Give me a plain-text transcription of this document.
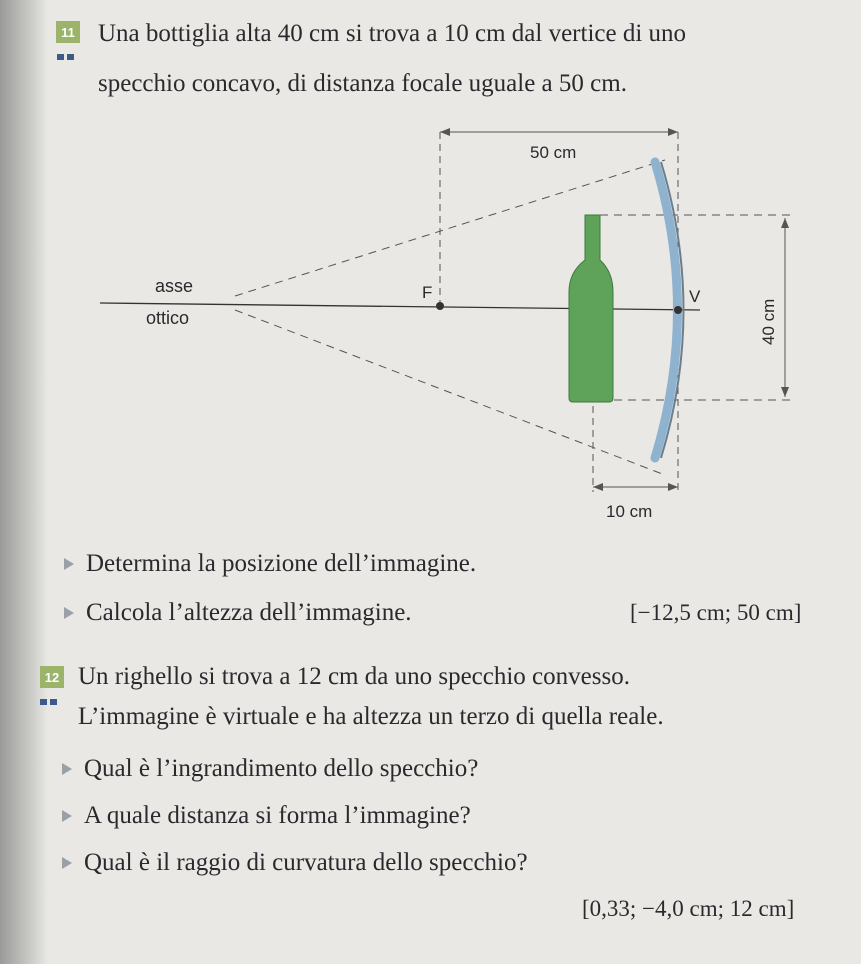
11 Una bottiglia alta 40 cm si trova a 10 cm dal vertice di uno
specchio concavo, di distanza focale uguale a 50 cm.
50 cm
F	V
asse
ottico	40 cm
10 cm
Determina la posizione dell’immagine.
Calcola l’altezza dell’immagine.	[−12,5 cm; 50 cm]
12 Un righello si trova a 12 cm da uno specchio convesso.
L’immagine è virtuale e ha altezza un terzo di quella reale.
Qual è l’ingrandimento dello specchio?
A quale distanza si forma l’immagine?
Qual è il raggio di curvatura dello specchio?
[0,33; −4,0 cm; 12 cm]
